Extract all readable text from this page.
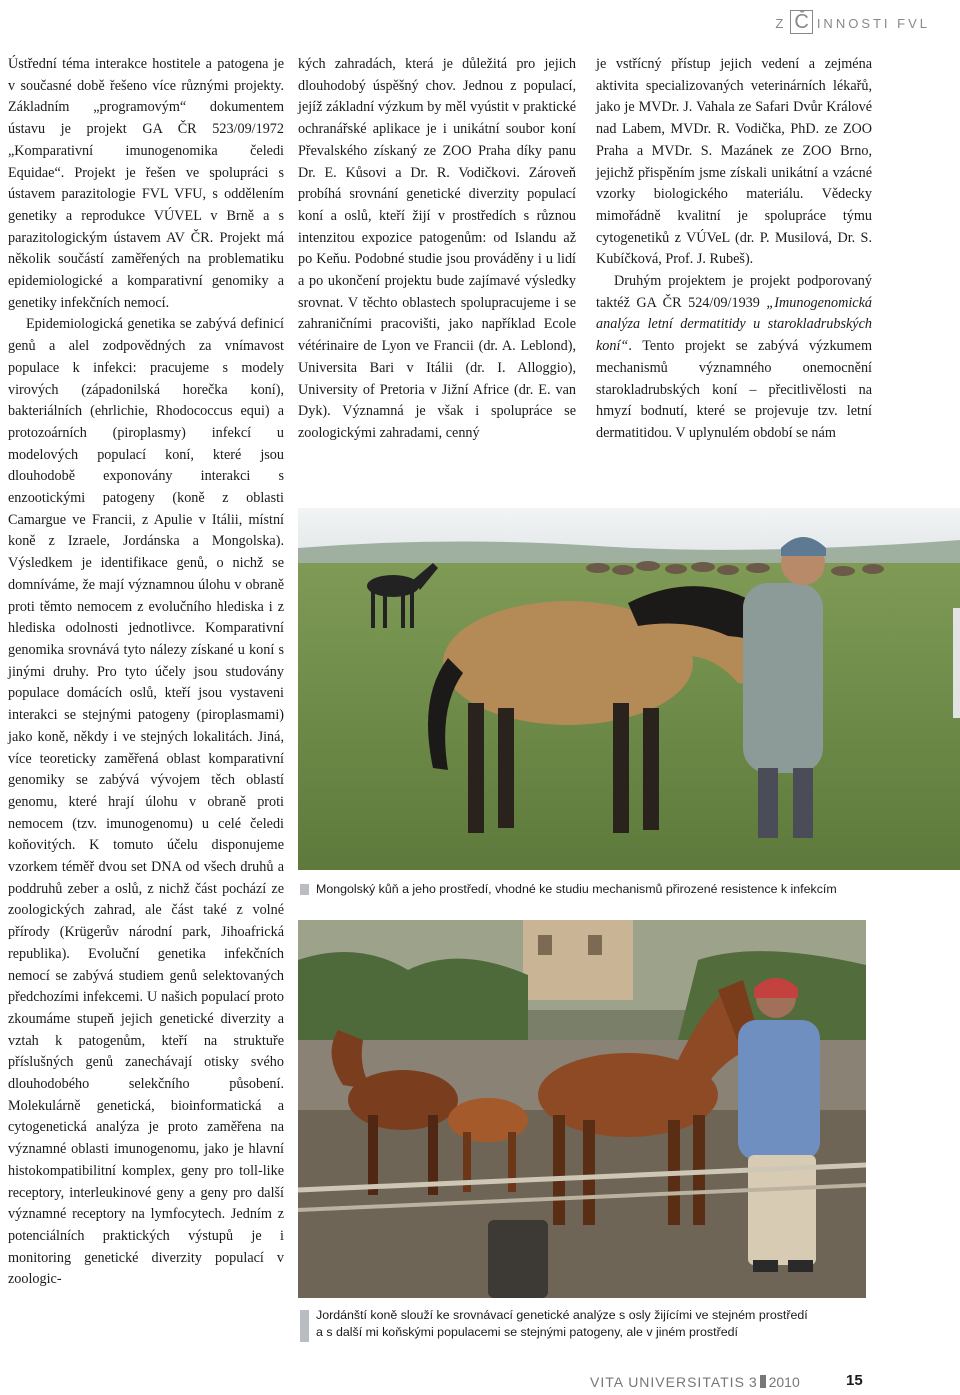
Z Č INNOSTI FVL

Ústřední téma interakce hostitele a patogena je v současné době řešeno více různými projekty. Základním „programovým“ dokumentem ústavu je projekt GA ČR 523/09/1972 „Komparativní imunogenomika čeledi Equidae“. Projekt je řešen ve spolupráci s ústavem parazitologie FVL VFU, s oddělením genetiky a reprodukce VÚVEL v Brně a s parazitologickým ústavem AV ČR. Projekt má několik součástí zaměřených na problematiku epidemiologické a komparativní genomiky a genetiky infekčních nemocí.

Epidemiologická genetika se zabývá definicí genů a alel zodpovědných za vnímavost populace k infekci: pracujeme s modely virových (západonilská horečka koní), bakteriálních (ehrlichie, Rhodococcus equi) a protozoárních (piroplasmy) infekcí u modelových populací koní, které jsou dlouhodobě exponovány interakci s enzootickými patogeny (koně z oblasti Camargue ve Francii, z Apulie v Itálii, místní koně z Izraele, Jordánska a Mongolska). Výsledkem je identifikace genů, o nichž se domníváme, že mají významnou úlohu v obraně proti těmto nemocem z evolučního hlediska i z hlediska odolnosti jednotlivce. Komparativní genomika srovnává tyto nálezy získané u koní s jinými druhy. Pro tyto účely jsou studovány populace domácích oslů, kteří jsou vystaveni interakci se stejnými patogeny (piroplasmami) jako koně, někdy i ve stejných lokalitách. Jiná, více teoreticky zaměřená oblast komparativní genomiky se zabývá vývojem těch oblastí genomu, které hrají úlohu v obraně proti nemocem (tzv. imunogenomu) u celé čeledi koňovitých. K tomuto účelu disponujeme vzorkem téměř dvou set DNA od všech druhů a poddruhů zeber a oslů, z nichž část pochází ze zoologických zahrad, ale část také z volné přírody (Krügerův národní park, Jihoafrická republika). Evoluční genetika infekčních nemocí se zabývá studiem genů selektovaných předchozími infekcemi. U našich populací proto zkoumáme stupeň jejich genetické diverzity a vztah k patogenům, kteří na struktuře příslušných genů zanechávají otisky svého dlouhodobého selekčního působení. Molekulárně genetická, bioinformatická a cytogenetická analýza je proto zaměřena na významné oblasti imunogenomu, jako je hlavní histokompatibilitní komplex, geny pro toll-like receptory, interleukinové geny a geny pro další významné receptory na lymfocytech. Jedním z potenciálních praktických výstupů je i monitoring genetické diverzity populací v zoologic-

kých zahradách, která je důležitá pro jejich dlouhodobý úspěšný chov. Jednou z populací, jejíž základní výzkum by měl vyústit v praktické ochranářské aplikace je i unikátní soubor koní Převalského získaný ze ZOO Praha díky panu Dr. E. Kůsovi a Dr. R. Vodičkovi. Zároveň probíhá srovnání genetické diverzity populací koní a oslů, kteří žijí v prostředích s různou intenzitou expozice patogenům: od Islandu až po Keňu. Podobné studie jsou prováděny i u lidí a po ukončení projektu bude zajímavé výsledky srovnat. V těchto oblastech spolupracujeme i se zahraničními pracovišti, jako například Ecole vétérinaire de Lyon ve Francii (dr. A. Leblond), Universita Bari v Itálii (dr. I. Alloggio), University of Pretoria v Jižní Africe (dr. E. van Dyk). Významná je však i spolupráce se zoologickými zahradami, cenný

je vstřícný přístup jejich vedení a zejména aktivita specializovaných veterinárních lékařů, jako je MVDr. J. Vahala ze Safari Dvůr Králové nad Labem, MVDr. R. Vodička, PhD. ze ZOO Praha a MVDr. S. Mazánek ze ZOO Brno, jejichž přispěním jsme získali unikátní a vzácné vzorky biologického materiálu. Vědecky mimořádně kvalitní je spolupráce týmu cytogenetiků z VÚVeL (dr. P. Musilová, Dr. S. Kubíčková, Prof. J. Rubeš).

Druhým projektem je projekt podporovaný taktéž GA ČR 524/09/1939 „Imunogenomická analýza letní dermatitidy u starokladrubských koní“. Tento projekt se zabývá výzkumem mechanismů významného onemocnění starokladrubských koní – přecitlivělosti na hmyzí bodnutí, které se projevuje tzv. letní dermatitidou. V uplynulém období se nám

Mongolský kůň a jeho prostředí, vhodné ke studiu mechanismů přirozené resistence k infekcím
Jordánští koně slouží ke srovnávací genetické analýze s osly žijícími ve stejném prostředí
a s další mi koňskými populacemi se stejnými patogeny, ale v jiném prostředí
VITA UNIVERSITATIS 3 2010	15
